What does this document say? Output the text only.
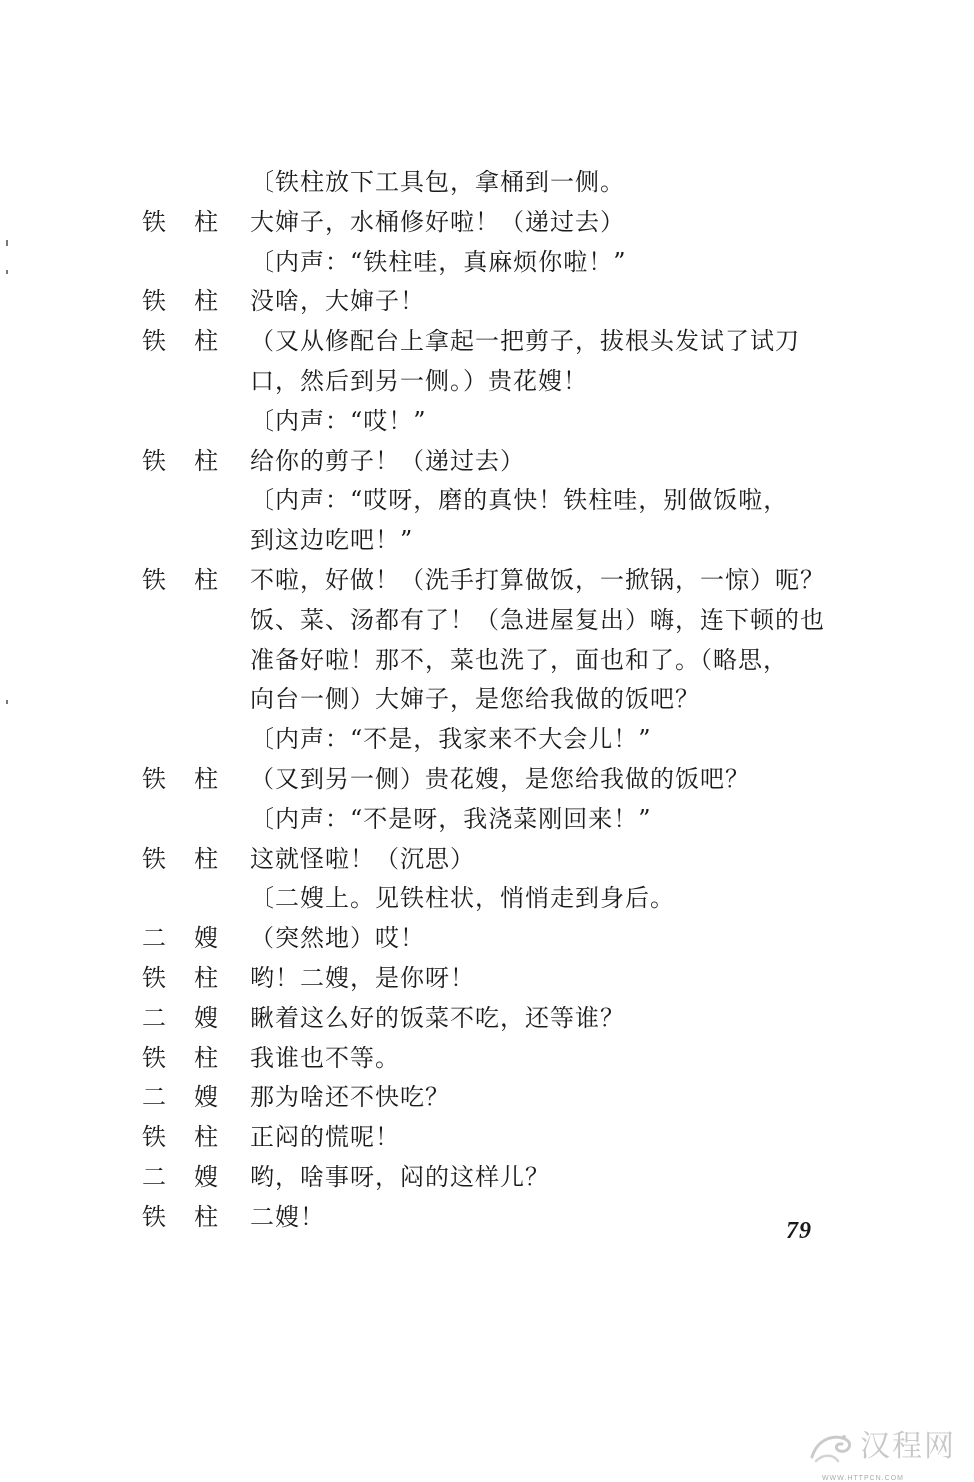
〔铁柱放下工具包，拿桶到一侧。
铁柱 大婶子，水桶修好啦！（递过去）
〔内声：“铁柱哇，真麻烦你啦！”
铁柱 没啥，大婶子！
铁柱 （又从修配台上拿起一把剪子，拔根头发试了试刀
口，然后到另一侧。）贵花嫂！
〔内声：“哎！”
铁柱 给你的剪子！（递过去）
〔内声：“哎呀，磨的真快！铁柱哇，别做饭啦，
到这边吃吧！”
铁柱 不啦，好做！（洗手打算做饭，一掀锅，一惊）呃？
饭、菜、汤都有了！（急进屋复出）嗨，连下顿的也
准备好啦！那不，菜也洗了，面也和了。（略思，
向台一侧）大婶子，是您给我做的饭吧？
〔内声：“不是，我家来不大会儿！”
铁柱 （又到另一侧）贵花嫂，是您给我做的饭吧？
〔内声：“不是呀，我浇菜刚回来！”
铁柱 这就怪啦！（沉思）
〔二嫂上。见铁柱状，悄悄走到身后。
二嫂 （突然地）哎！
铁柱 哟！二嫂，是你呀！
二嫂 瞅着这么好的饭菜不吃，还等谁？
铁柱 我谁也不等。
二嫂 那为啥还不快吃？
铁柱 正闷的慌呢！
二嫂 哟，啥事呀，闷的这样儿？
铁柱 二嫂！
79
汉程网
WWW.HTTPCN.COM
